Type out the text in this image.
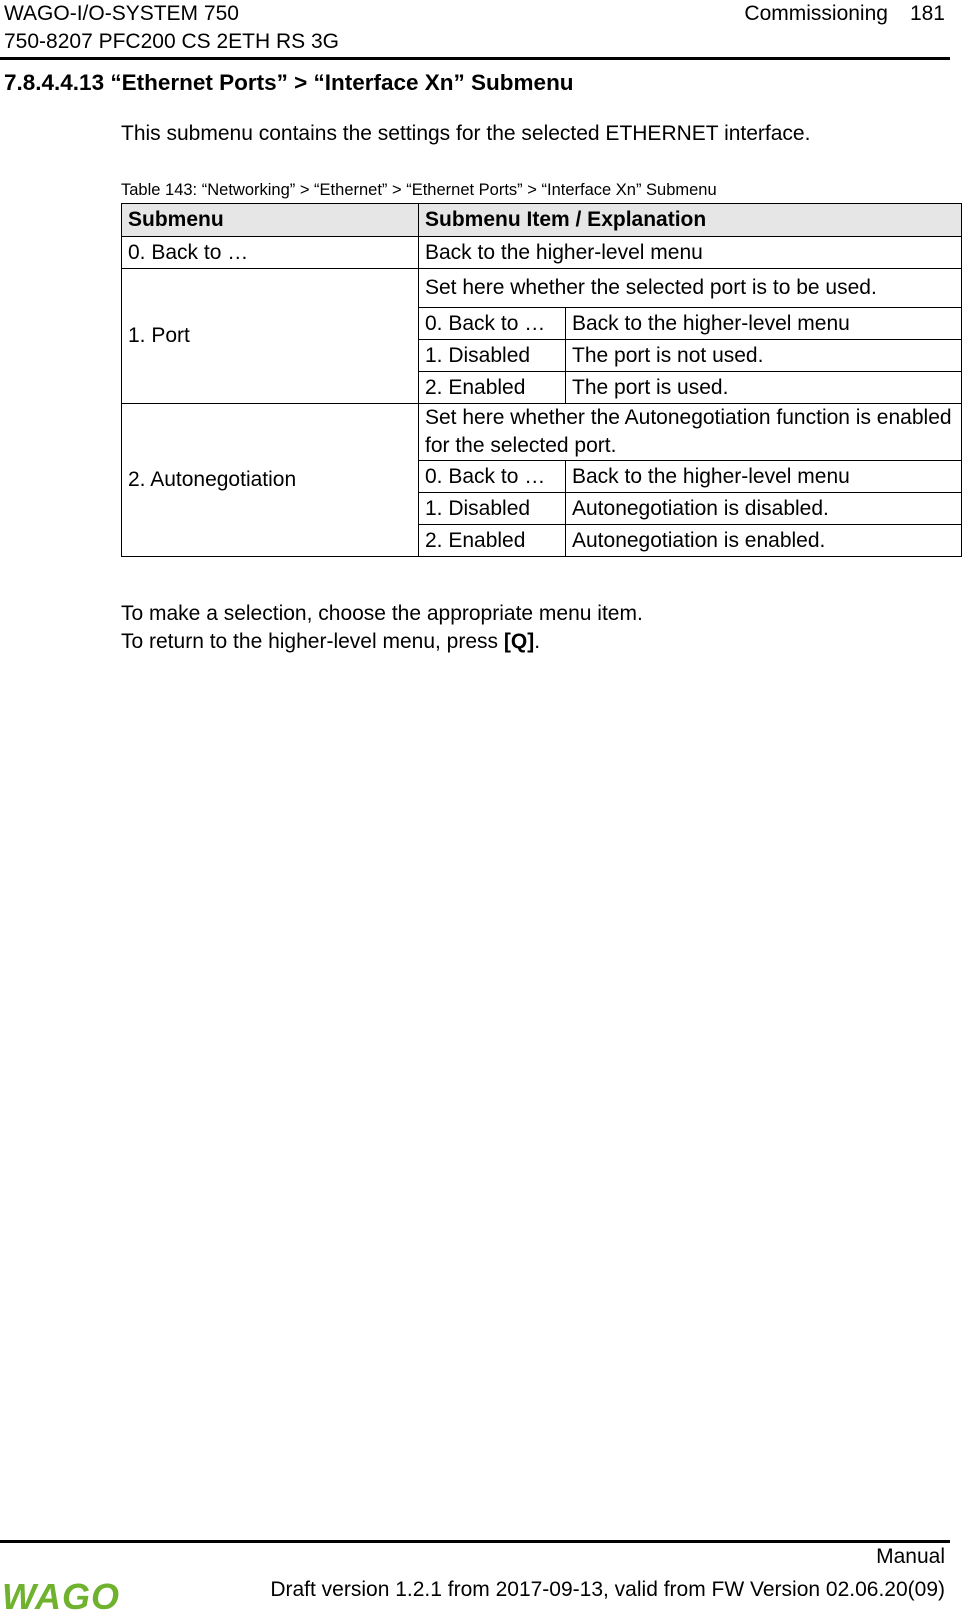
WAGO-I/O-SYSTEM 750
750-8207 PFC200 CS 2ETH RS 3G
Commissioning 181
7.8.4.4.13 “Ethernet Ports” > “Interface Xn” Submenu
This submenu contains the settings for the selected ETHERNET interface.
Table 143: “Networking” > “Ethernet” > “Ethernet Ports” > “Interface Xn” Submenu
Submenu	Submenu Item / Explanation	
0. Back to …	Back to the higher-level menu	
1. Port	Set here whether the selected port is to be used.	
	0. Back to …	Back to the higher-level menu
	1. Disabled	The port is not used.
	2. Enabled	The port is used.
2. Autonegotiation	Set here whether the Autonegotiation function is enabled for the selected port.	
	0. Back to …	Back to the higher-level menu
	1. Disabled	Autonegotiation is disabled.
	2. Enabled	Autonegotiation is enabled.
To make a selection, choose the appropriate menu item.
To return to the higher-level menu, press [Q].
Manual
WAGO	Draft version 1.2.1 from 2017-09-13, valid from FW Version 02.06.20(09)
